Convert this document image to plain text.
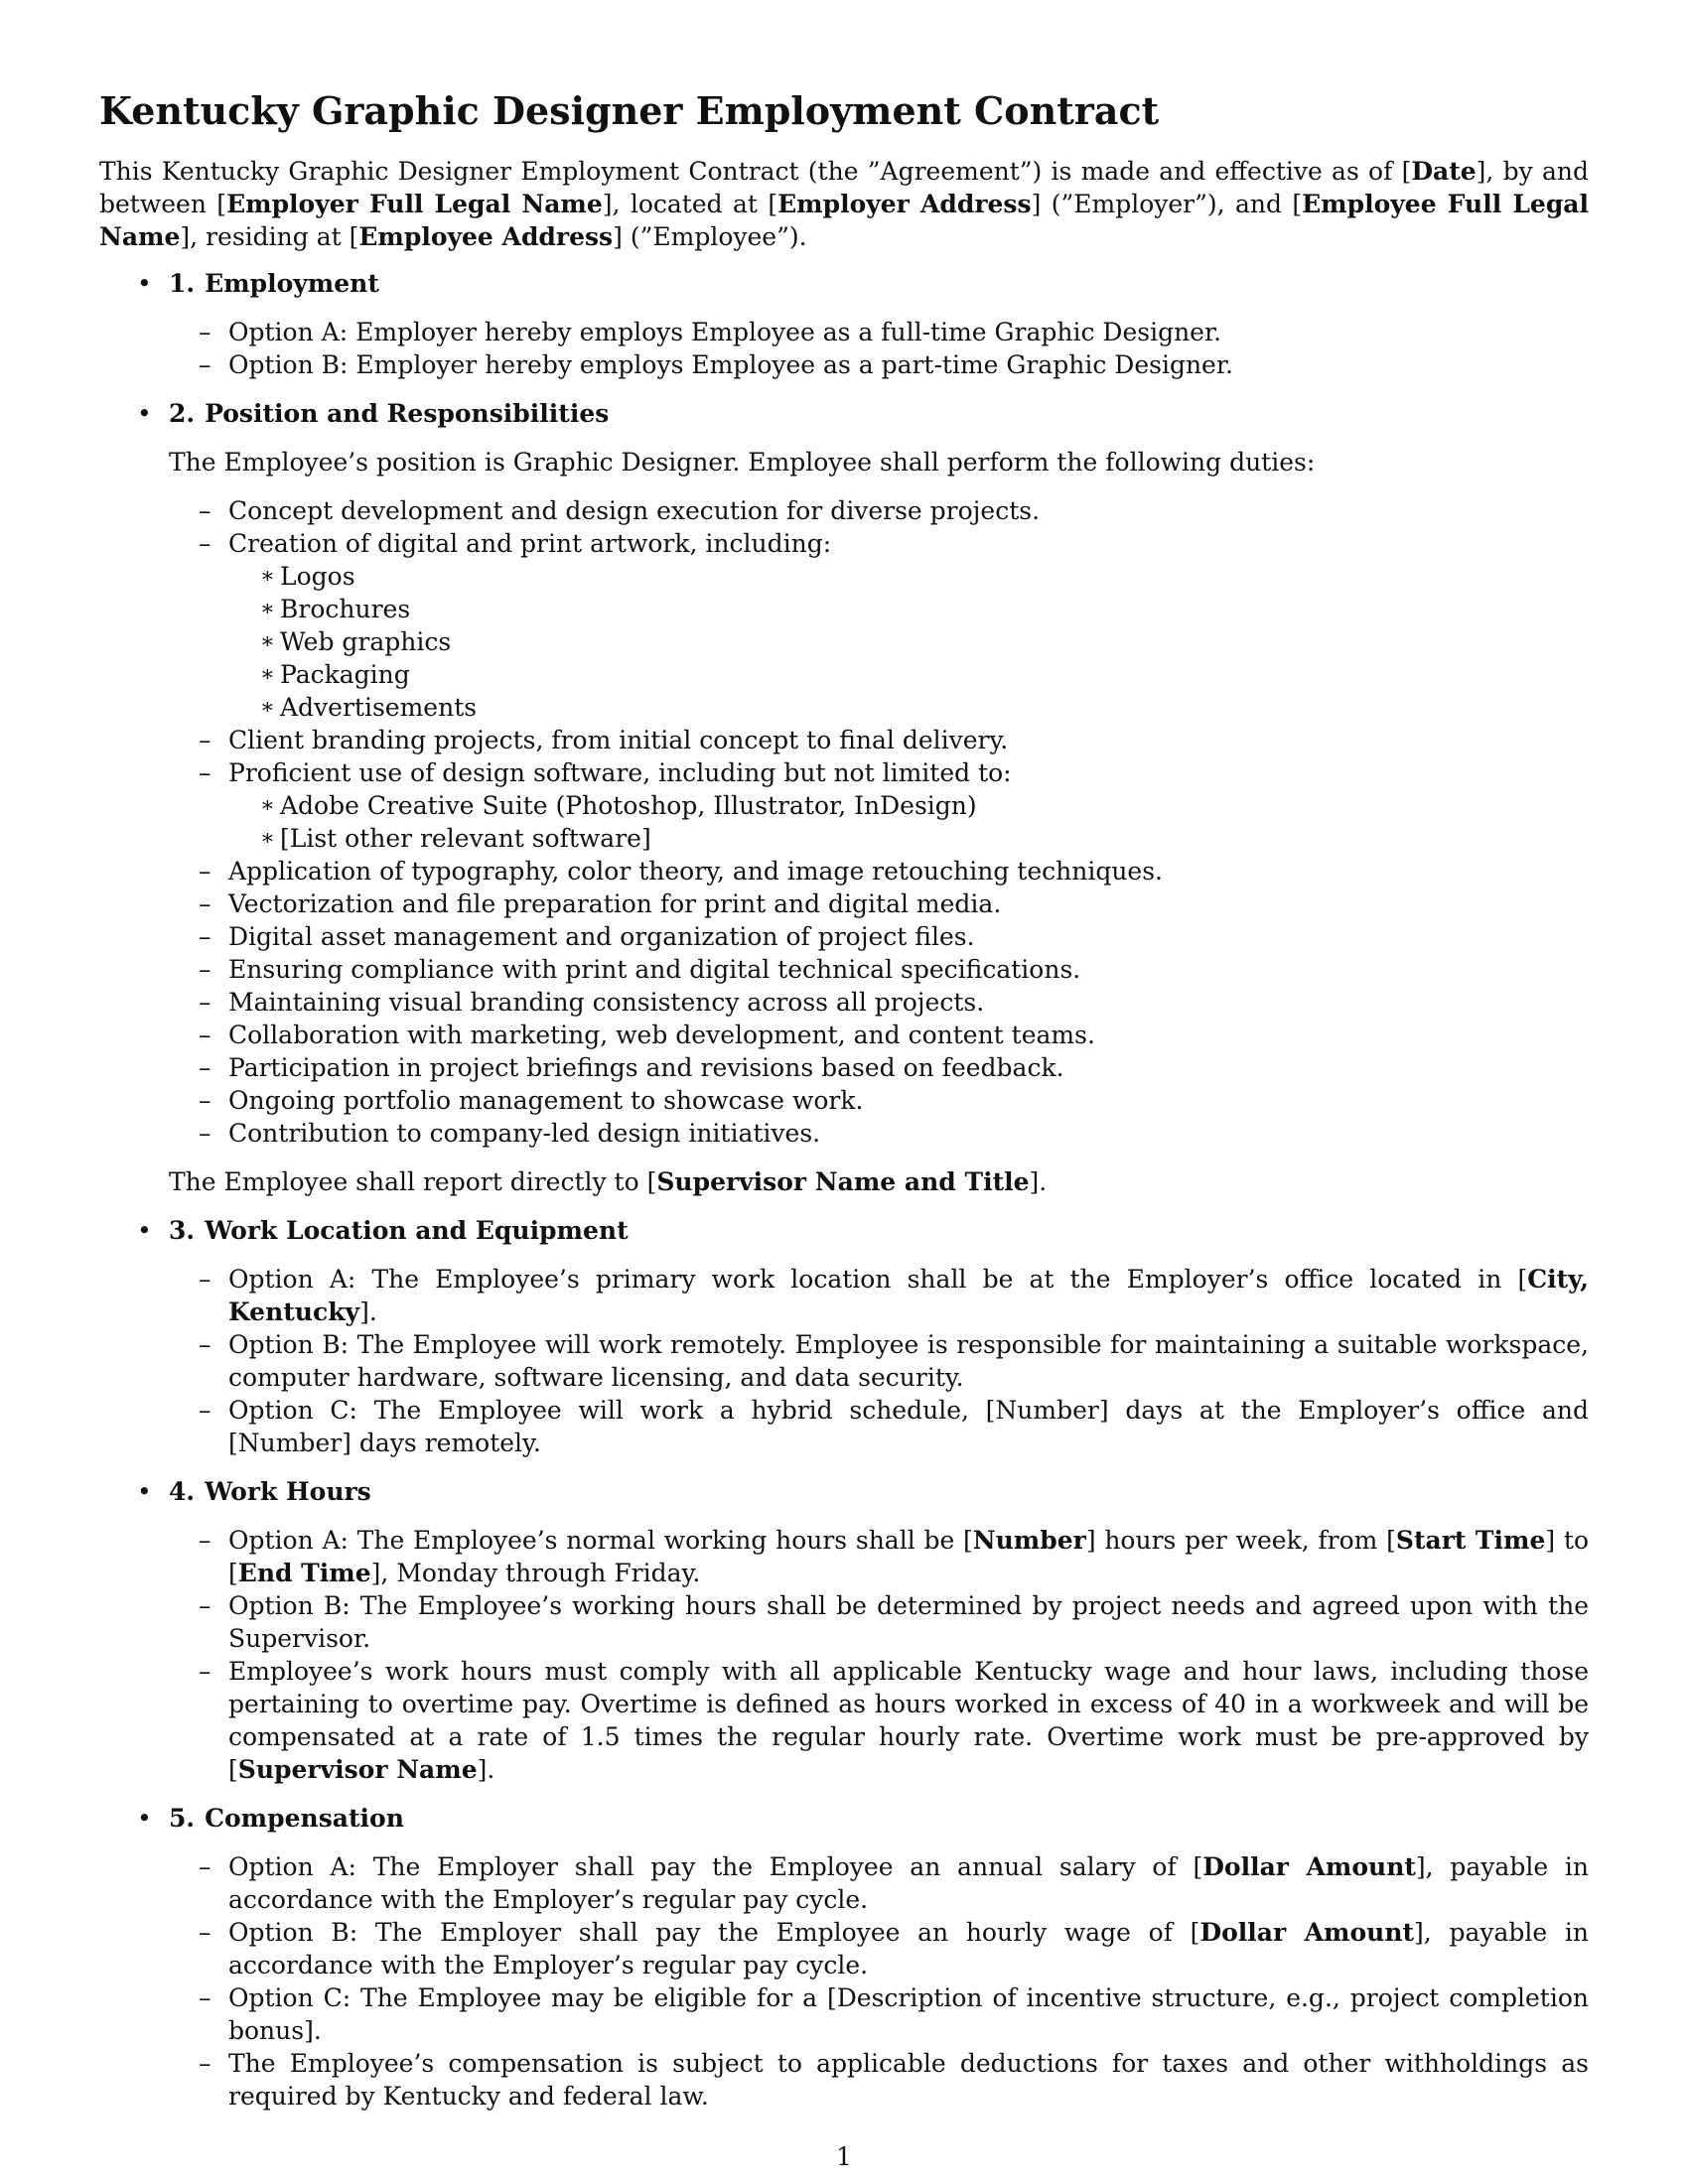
Kentucky Graphic Designer Employment Contract

This Kentucky Graphic Designer Employment Contract (the ”Agreement”) is made and effective as of [Date], by and between [Employer Full Legal Name], located at [Employer Address] (”Employer”), and [Employee Full Legal Name], residing at [Employee Address] (”Employee”).

• 1. Employment
– Option A: Employer hereby employs Employee as a full-time Graphic Designer.
– Option B: Employer hereby employs Employee as a part-time Graphic Designer.
• 2. Position and Responsibilities

The Employee’s position is Graphic Designer. Employee shall perform the following duties:

– Concept development and design execution for diverse projects.
– Creation of digital and print artwork, including:
∗ Logos
∗ Brochures
∗ Web graphics
∗ Packaging
∗ Advertisements
– Client branding projects, from initial concept to final delivery.
– Proficient use of design software, including but not limited to:
∗ Adobe Creative Suite (Photoshop, Illustrator, InDesign)
∗ [List other relevant software]
– Application of typography, color theory, and image retouching techniques.
– Vectorization and file preparation for print and digital media.
– Digital asset management and organization of project files.
– Ensuring compliance with print and digital technical specifications.
– Maintaining visual branding consistency across all projects.
– Collaboration with marketing, web development, and content teams.
– Participation in project briefings and revisions based on feedback.
– Ongoing portfolio management to showcase work.
– Contribution to company-led design initiatives.

The Employee shall report directly to [Supervisor Name and Title].

• 3. Work Location and Equipment
– Option A: The Employee’s primary work location shall be at the Employer’s office located in [City, Kentucky].
– Option B: The Employee will work remotely. Employee is responsible for maintaining a suitable workspace, computer hardware, software licensing, and data security.
– Option C: The Employee will work a hybrid schedule, [Number] days at the Employer’s office and [Number] days remotely.
• 4. Work Hours
– Option A: The Employee’s normal working hours shall be [Number] hours per week, from [Start Time] to [End Time], Monday through Friday.
– Option B: The Employee’s working hours shall be determined by project needs and agreed upon with the Supervisor.
– Employee’s work hours must comply with all applicable Kentucky wage and hour laws, including those pertaining to overtime pay. Overtime is defined as hours worked in excess of 40 in a workweek and will be compensated at a rate of 1.5 times the regular hourly rate. Overtime work must be pre-approved by [Supervisor Name].
• 5. Compensation
– Option A: The Employer shall pay the Employee an annual salary of [Dollar Amount], payable in accordance with the Employer’s regular pay cycle.
– Option B: The Employer shall pay the Employee an hourly wage of [Dollar Amount], payable in accordance with the Employer’s regular pay cycle.
– Option C: The Employee may be eligible for a [Description of incentive structure, e.g., project completion bonus].
– The Employee’s compensation is subject to applicable deductions for taxes and other withholdings as required by Kentucky and federal law.
1
